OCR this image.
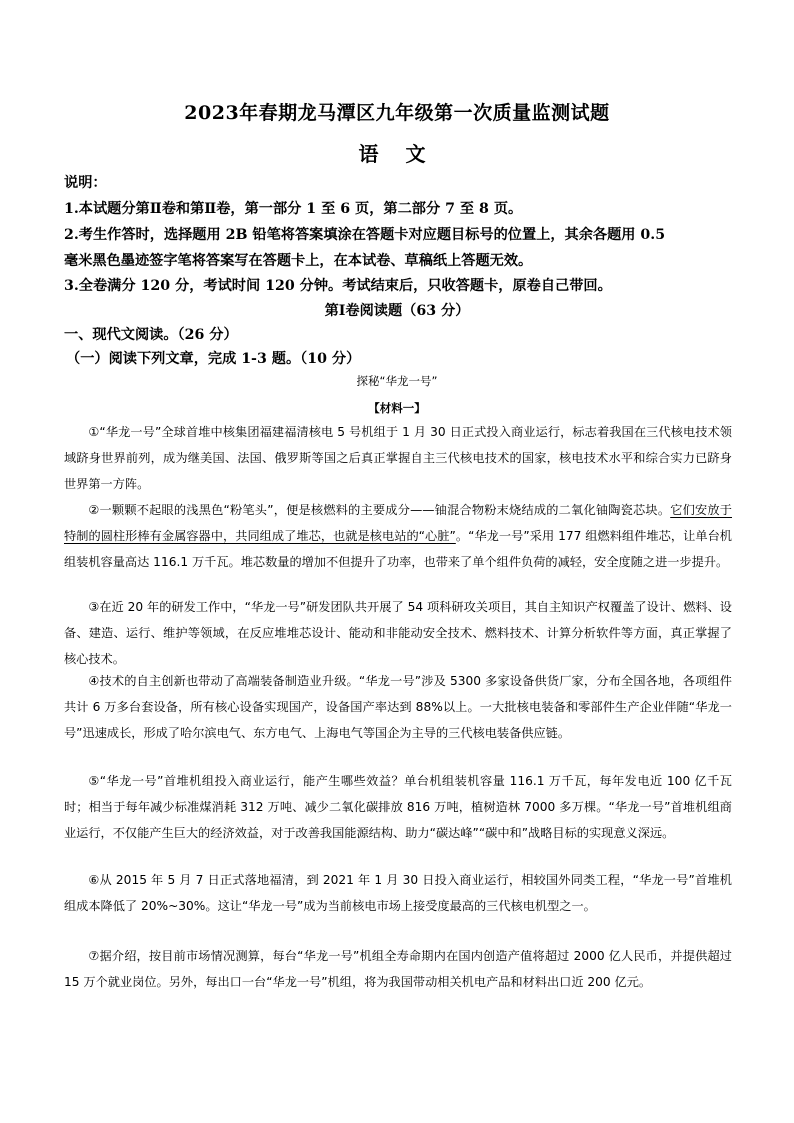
2023年春期龙马潭区九年级第一次质量监测试题
语 文
说明：
1.本试题分第Ⅱ卷和第Ⅱ卷，第一部分 1 至 6 页，第二部分 7 至 8 页。
2.考生作答时，选择题用 2B 铅笔将答案填涂在答题卡对应题目标号的位置上，其余各题用 0.5
毫米黑色墨迹签字笔将答案写在答题卡上，在本试卷、草稿纸上答题无效。
3.全卷满分 120 分，考试时间 120 分钟。考试结束后，只收答题卡，原卷自己带回。
第Ⅰ卷阅读题（63 分）
一、现代文阅读。（26 分）
（一）阅读下列文章，完成 1-3 题。（10 分）
探秘“华龙一号”
【材料一】
①“华龙一号”全球首堆中核集团福建福清核电 5 号机组于 1 月 30 日正式投入商业运行，标志着我国在三代核电技术领域跻身世界前列，成为继美国、法国、俄罗斯等国之后真正掌握自主三代核电技术的国家，核电技术水平和综合实力已跻身世界第一方阵。
②一颗颗不起眼的浅黑色“粉笔头”，便是核燃料的主要成分——铀混合物粉末烧结成的二氧化铀陶瓷芯块。它们安放于特制的圆柱形棒有金属容器中，共同组成了堆芯，也就是核电站的“心脏”。“华龙一号”采用 177 组燃料组件堆芯，让单台机组装机容量高达 116.1 万千瓦。堆芯数量的增加不但提升了功率，也带来了单个组件负荷的减轻，安全度随之进一步提升。
③在近 20 年的研发工作中，“华龙一号”研发团队共开展了 54 项科研攻关项目，其自主知识产权覆盖了设计、燃料、设备、建造、运行、维护等领域，在反应堆堆芯设计、能动和非能动安全技术、燃料技术、计算分析软件等方面，真正掌握了核心技术。
④技术的自主创新也带动了高端装备制造业升级。“华龙一号”涉及 5300 多家设备供货厂家，分布全国各地，各项组件共计 6 万多台套设备，所有核心设备实现国产，设备国产率达到 88%以上。一大批核电装备和零部件生产企业伴随“华龙一号”迅速成长，形成了哈尔滨电气、东方电气、上海电气等国企为主导的三代核电装备供应链。
⑤“华龙一号”首堆机组投入商业运行，能产生哪些效益？单台机组装机容量 116.1 万千瓦，每年发电近 100 亿千瓦时；相当于每年减少标准煤消耗 312 万吨、减少二氧化碳排放 816 万吨，植树造林 7000 多万棵。“华龙一号”首堆机组商业运行，不仅能产生巨大的经济效益，对于改善我国能源结构、助力“碳达峰”“碳中和”战略目标的实现意义深远。
⑥从 2015 年 5 月 7 日正式落地福清，到 2021 年 1 月 30 日投入商业运行，相较国外同类工程，“华龙一号”首堆机组成本降低了 20%~30%。这让“华龙一号”成为当前核电市场上接受度最高的三代核电机型之一。
⑦据介绍，按目前市场情况测算，每台“华龙一号”机组全寿命期内在国内创造产值将超过 2000 亿人民币，并提供超过 15 万个就业岗位。另外，每出口一台“华龙一号”机组，将为我国带动相关机电产品和材料出口近 200 亿元。
